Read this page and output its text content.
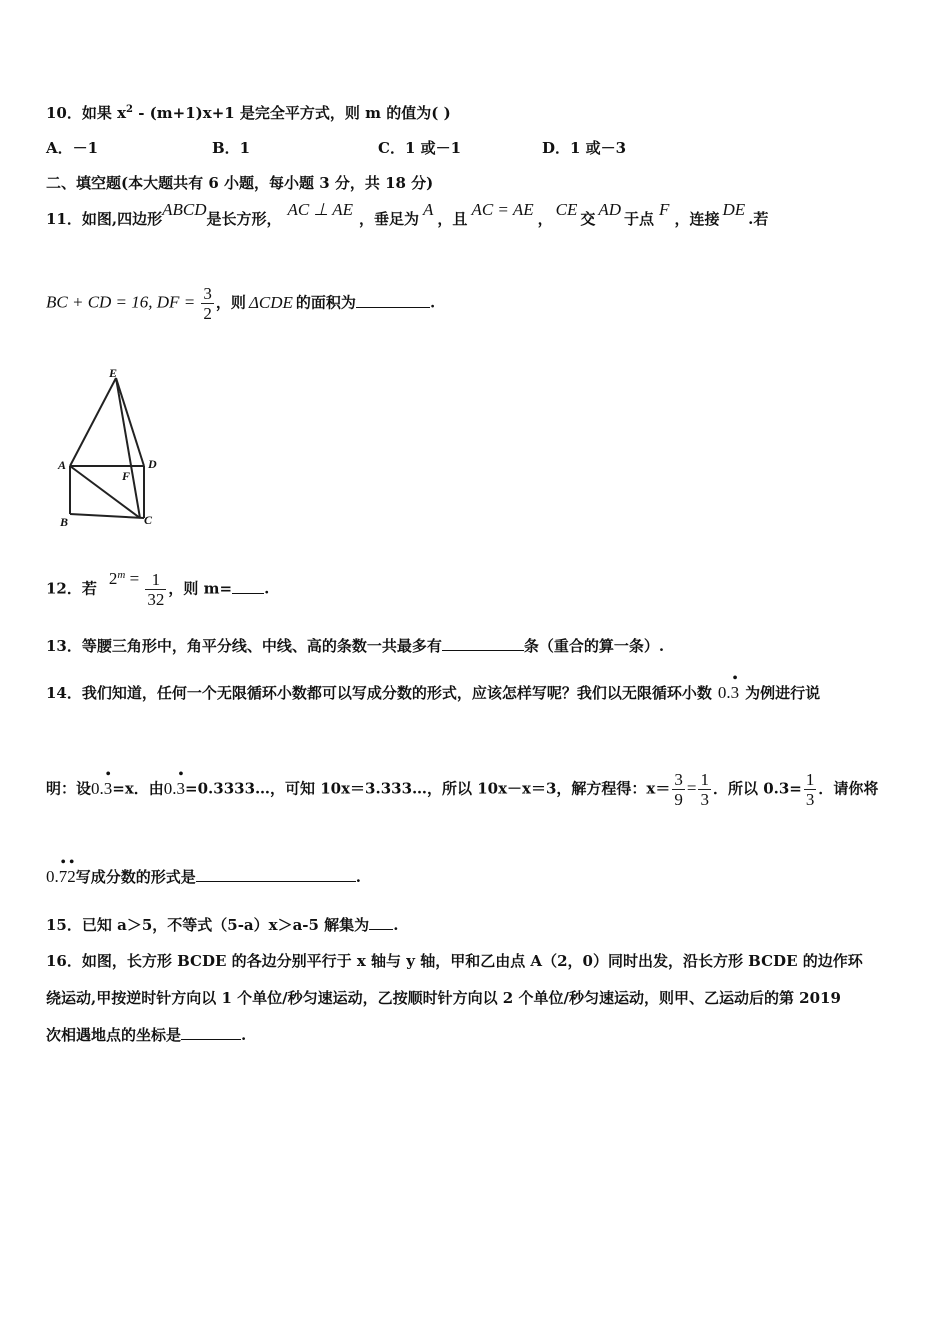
10．如果 $x^2 - (m+1)x+1$ 是完全平方式，则 m 的值为( )
A．－1	B．1	C．1 或－1	D．1 或－3
二、填空题(本大题共有 6 小题，每小题 3 分，共 18 分)
11．如图,四边形ABCD是长方形， AC ⊥ AE ，垂足为 A ，且 AC = AE ， CE 交 AD 于点 F ，连接 DE .若
BC + CD = 16, DF = $\frac{3}{2}$ ，则 ΔCDE 的面积为	.
E
A	D
F
B	C
12．若$2^m = \frac{1}{32}$ ，则 m= .
13．等腰三角形中，角平分线、中线、高的条数一共最多有	条（重合的算一条）.
14．我们知道，任何一个无限循环小数都可以写成分数的形式，应该怎样写呢？我们以无限循环小数 0.
•
3 为例进行说
明：设0.
•
3=x．由0.
•
3=0.3333…，可知 10x＝3.333…，所以 10x－x＝3，解方程得：$x= \frac{3}{9} = \frac{1}{3}$ ．所以 $0.3= \frac{1}{3}$ ．请你将
0.
•
7
•
2写成分数的形式是	.
15．已知 a＞5，不等式（5-a）x＞a-5 解集为 .
16．如图，长方形 BCDE 的各边分别平行于 x 轴与 y 轴，甲和乙由点 A（2，0）同时出发，沿长方形 BCDE 的边作环
绕运动,甲按逆时针方向以 1 个单位/秒匀速运动，乙按顺时针方向以 2 个单位/秒匀速运动，则甲、乙运动后的第 2019
次相遇地点的坐标是	.
